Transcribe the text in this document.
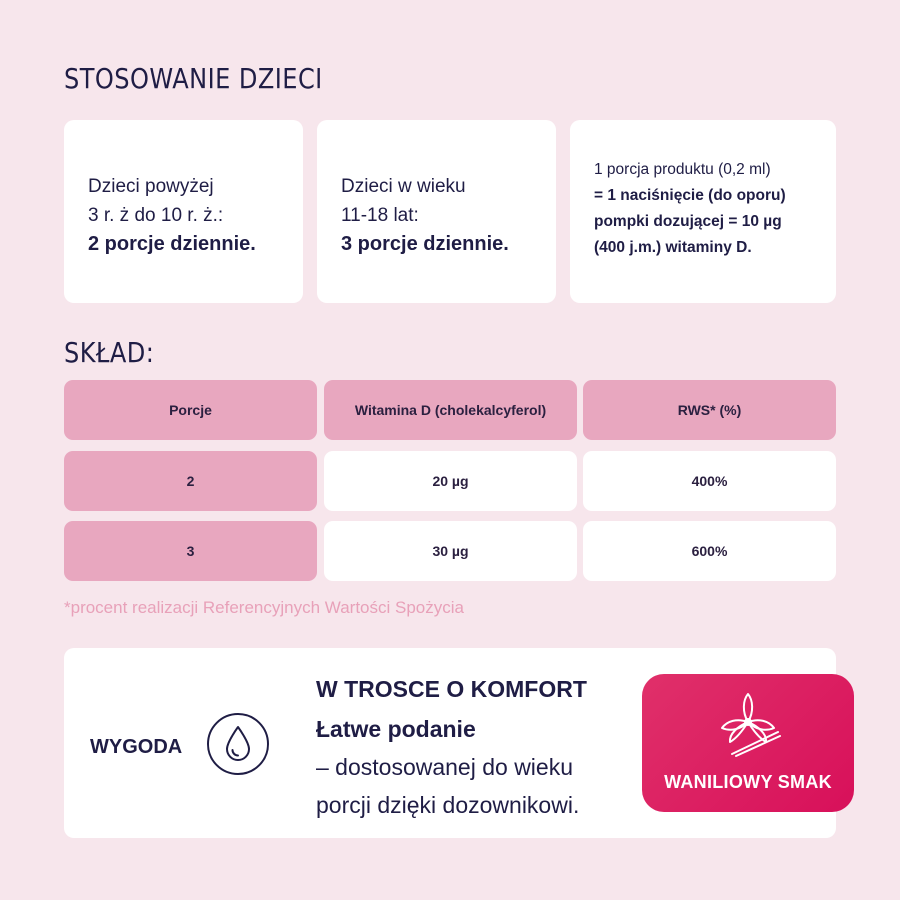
STOSOWANIE DZIECI
Dzieci powyżej
3 r. ż do 10 r. ż.:
2 porcje dziennie.
Dzieci w wieku
11-18 lat:
3 porcje dziennie.
1 porcja produktu (0,2 ml)
= 1 naciśnięcie (do oporu)
pompki dozującej = 10 µg
(400 j.m.) witaminy D.
SKŁAD:
Porcje	Witamina D (cholekalcyferol)	RWS* (%)
2	20 µg	400%
3	30 µg	600%
*procent realizacji Referencyjnych Wartości Spożycia
WYGODA
W TROSCE O KOMFORT
Łatwe podanie
– dostosowanej do wieku
porcji dzięki dozownikowi.
WANILIOWY SMAK
